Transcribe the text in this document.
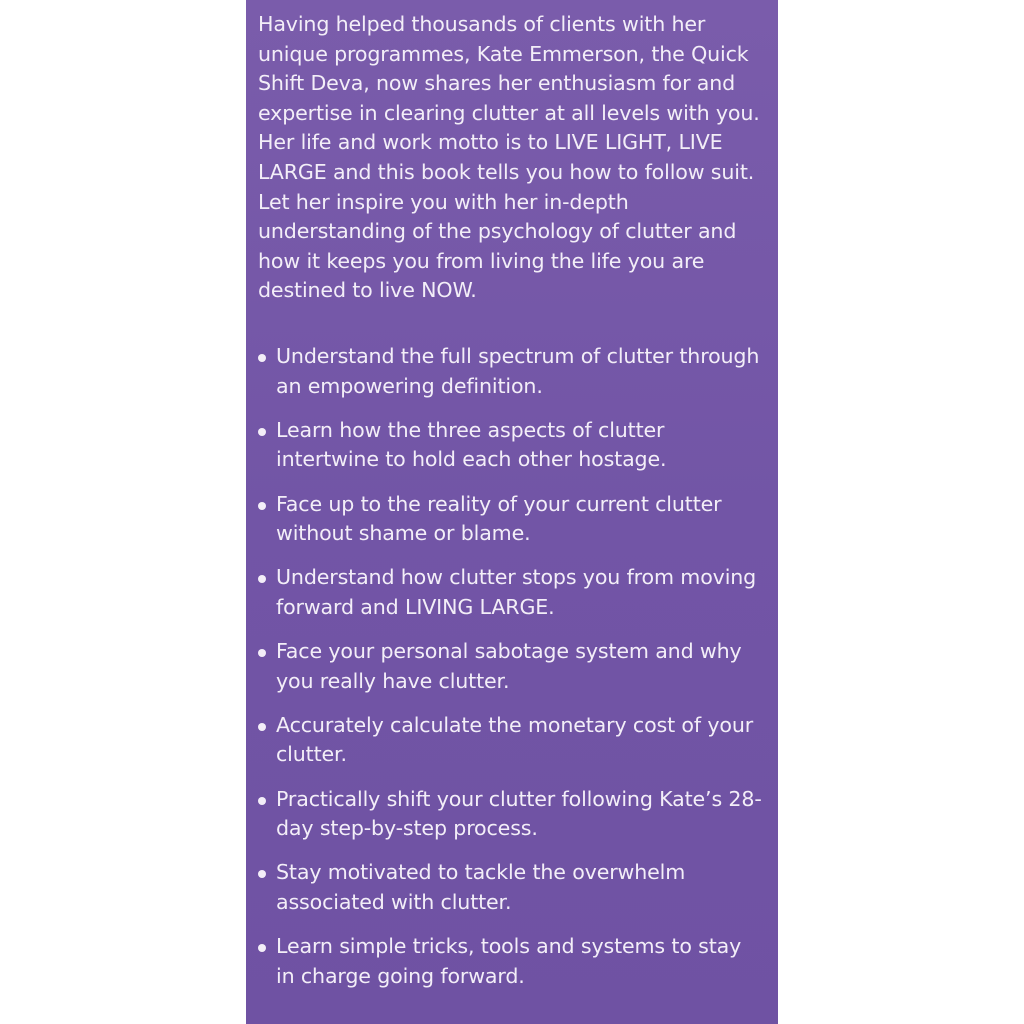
Having helped thousands of clients with her unique programmes, Kate Emmerson, the Quick Shift Deva, now shares her enthusiasm for and expertise in clearing clutter at all levels with you. Her life and work motto is to LIVE LIGHT, LIVE LARGE and this book tells you how to follow suit. Let her inspire you with her in-depth understanding of the psychology of clutter and how it keeps you from living the life you are destined to live NOW.

Understand the full spectrum of clutter through an empowering definition.
Learn how the three aspects of clutter intertwine to hold each other hostage.
Face up to the reality of your current clutter without shame or blame.
Understand how clutter stops you from moving forward and LIVING LARGE.
Face your personal sabotage system and why you really have clutter.
Accurately calculate the monetary cost of your clutter.
Practically shift your clutter following Kate’s 28-day step-by-step process.
Stay motivated to tackle the overwhelm associated with clutter.
Learn simple tricks, tools and systems to stay in charge going forward.
